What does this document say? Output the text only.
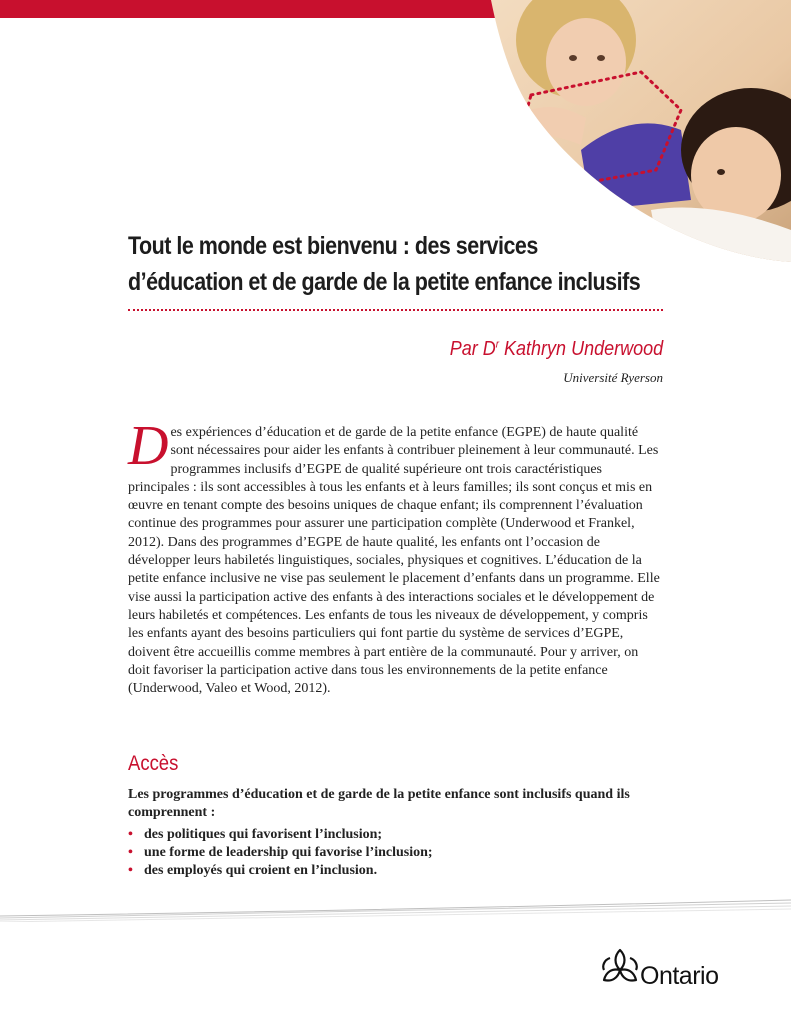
Tout le monde est bienvenu : des services
d’éducation et de garde de la petite enfance inclusifs
Par $D^r$ Kathryn Underwood
Université Ryerson
D es expériences d’éducation et de garde de la petite enfance (EGPE) de haute qualité sont nécessaires pour aider les enfants à contribuer pleinement à leur communauté. Les programmes inclusifs d’EGPE de qualité supérieure ont trois caractéristiques principales : ils sont accessibles à tous les enfants et à leurs familles; ils sont conçus et mis en œuvre en tenant compte des besoins uniques de chaque enfant; ils comprennent l’évaluation continue des programmes pour assurer une participation complète (Underwood et Frankel, 2012). Dans des programmes d’EGPE de haute qualité, les enfants ont l’occasion de développer leurs habiletés linguistiques, sociales, physiques et cognitives. L’éducation de la petite enfance inclusive ne vise pas seulement le placement d’enfants dans un programme. Elle vise aussi la participation active des enfants à des interactions sociales et le développement de leurs habiletés et compétences. Les enfants de tous les niveaux de développement, y compris les enfants ayant des besoins particuliers qui font partie du système de services d’EGPE, doivent être accueillis comme membres à part entière de la communauté. Pour y arriver, on doit favoriser la participation active dans tous les environnements de la petite enfance (Underwood, Valeo et Wood, 2012).

Accès
Les programmes d’éducation et de garde de la petite enfance sont inclusifs quand ils comprennent :
• des politiques qui favorisent l’inclusion;
• une forme de leadership qui favorise l’inclusion;
• des employés qui croient en l’inclusion.
Ontario
